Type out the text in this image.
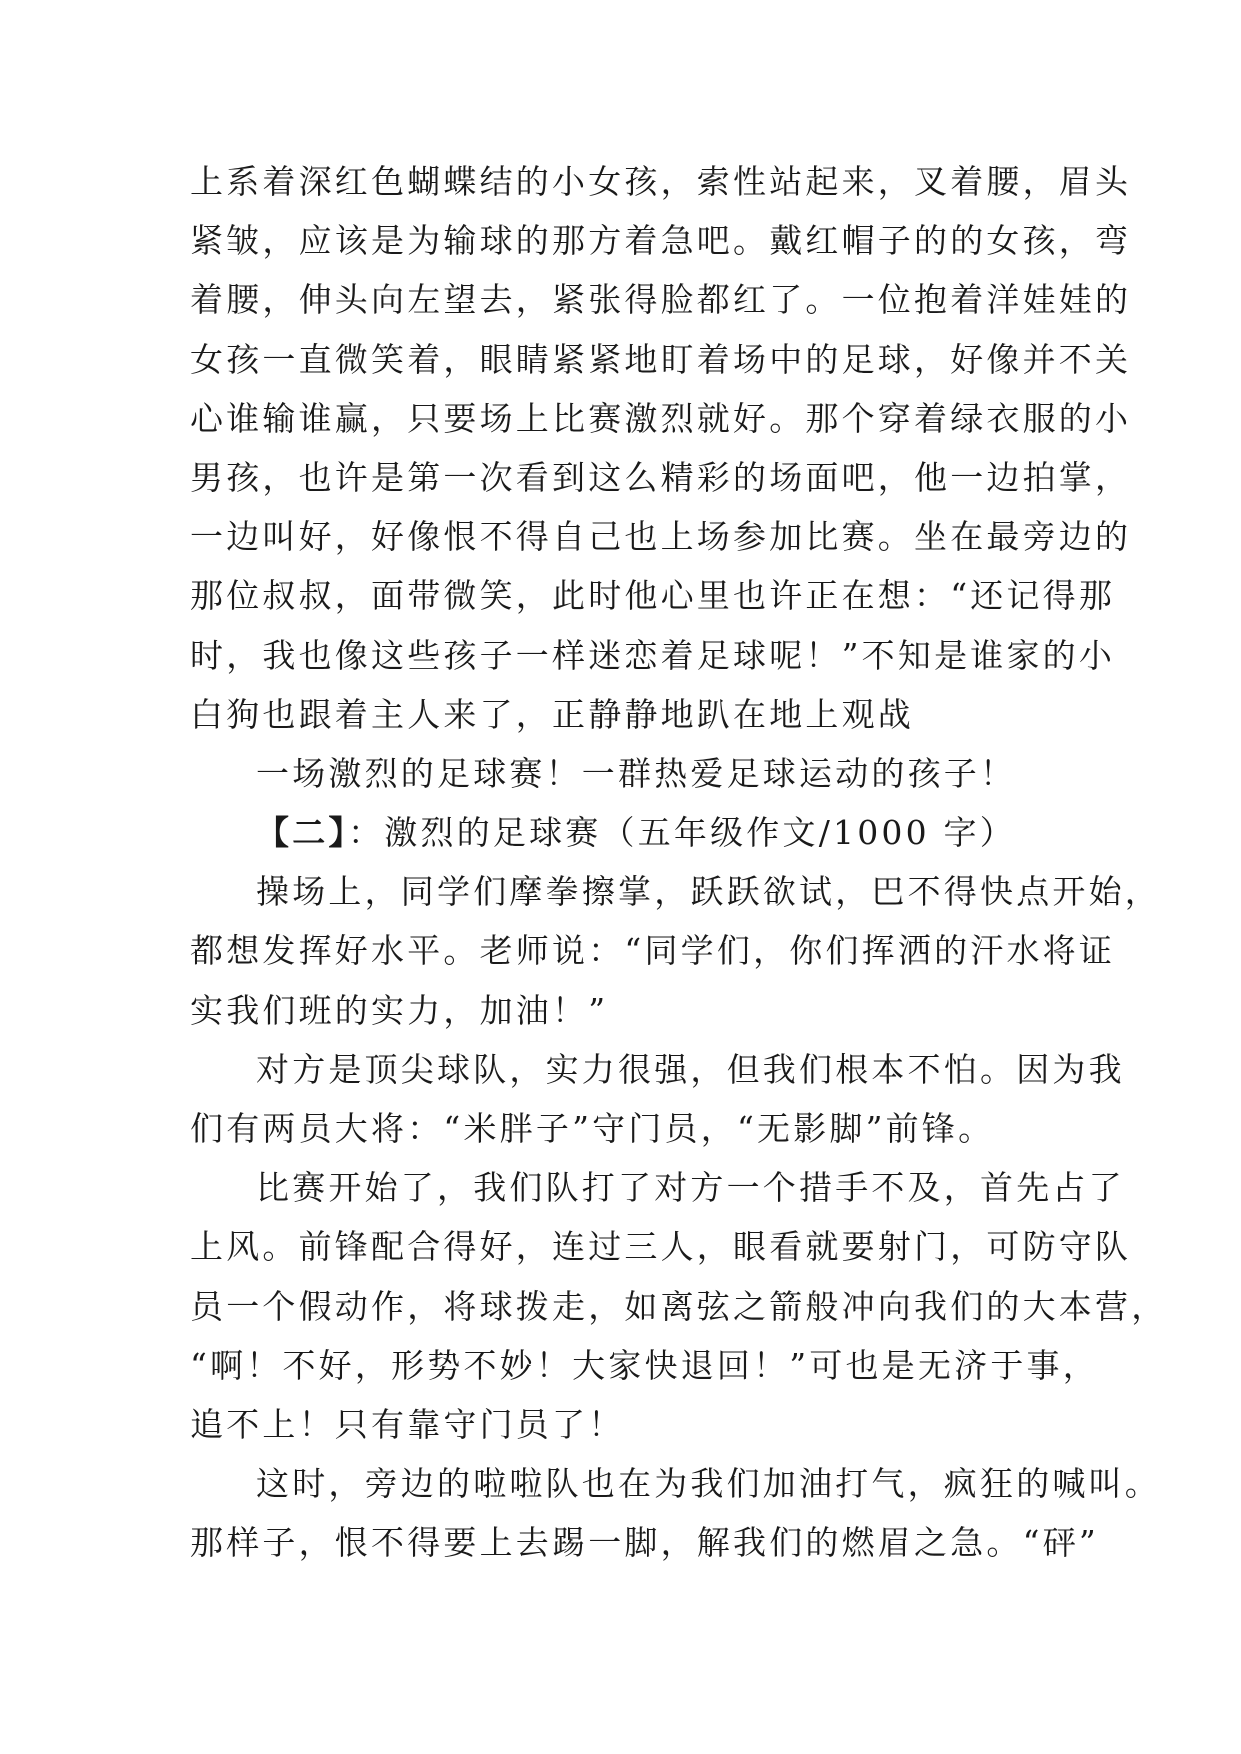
上系着深红色蝴蝶结的小女孩，索性站起来，叉着腰，眉头
紧皱，应该是为输球的那方着急吧。戴红帽子的的女孩，弯
着腰，伸头向左望去，紧张得脸都红了。一位抱着洋娃娃的
女孩一直微笑着，眼睛紧紧地盯着场中的足球，好像并不关
心谁输谁赢，只要场上比赛激烈就好。那个穿着绿衣服的小
男孩，也许是第一次看到这么精彩的场面吧，他一边拍掌，
一边叫好，好像恨不得自己也上场参加比赛。坐在最旁边的
那位叔叔，面带微笑，此时他心里也许正在想：“还记得那
时，我也像这些孩子一样迷恋着足球呢！”不知是谁家的小
白狗也跟着主人来了，正静静地趴在地上观战
一场激烈的足球赛！一群热爱足球运动的孩子！
【二】：激烈的足球赛（五年级作文/1000 字）
操场上，同学们摩拳擦掌，跃跃欲试，巴不得快点开始，
都想发挥好水平。老师说：“同学们，你们挥洒的汗水将证
实我们班的实力，加油！”
对方是顶尖球队，实力很强，但我们根本不怕。因为我
们有两员大将：“米胖子”守门员，“无影脚”前锋。
比赛开始了，我们队打了对方一个措手不及，首先占了
上风。前锋配合得好，连过三人，眼看就要射门，可防守队
员一个假动作，将球拨走，如离弦之箭般冲向我们的大本营，
“啊！不好，形势不妙！大家快退回！”可也是无济于事，
追不上！只有靠守门员了！
这时，旁边的啦啦队也在为我们加油打气，疯狂的喊叫。
那样子，恨不得要上去踢一脚，解我们的燃眉之急。“砰”
